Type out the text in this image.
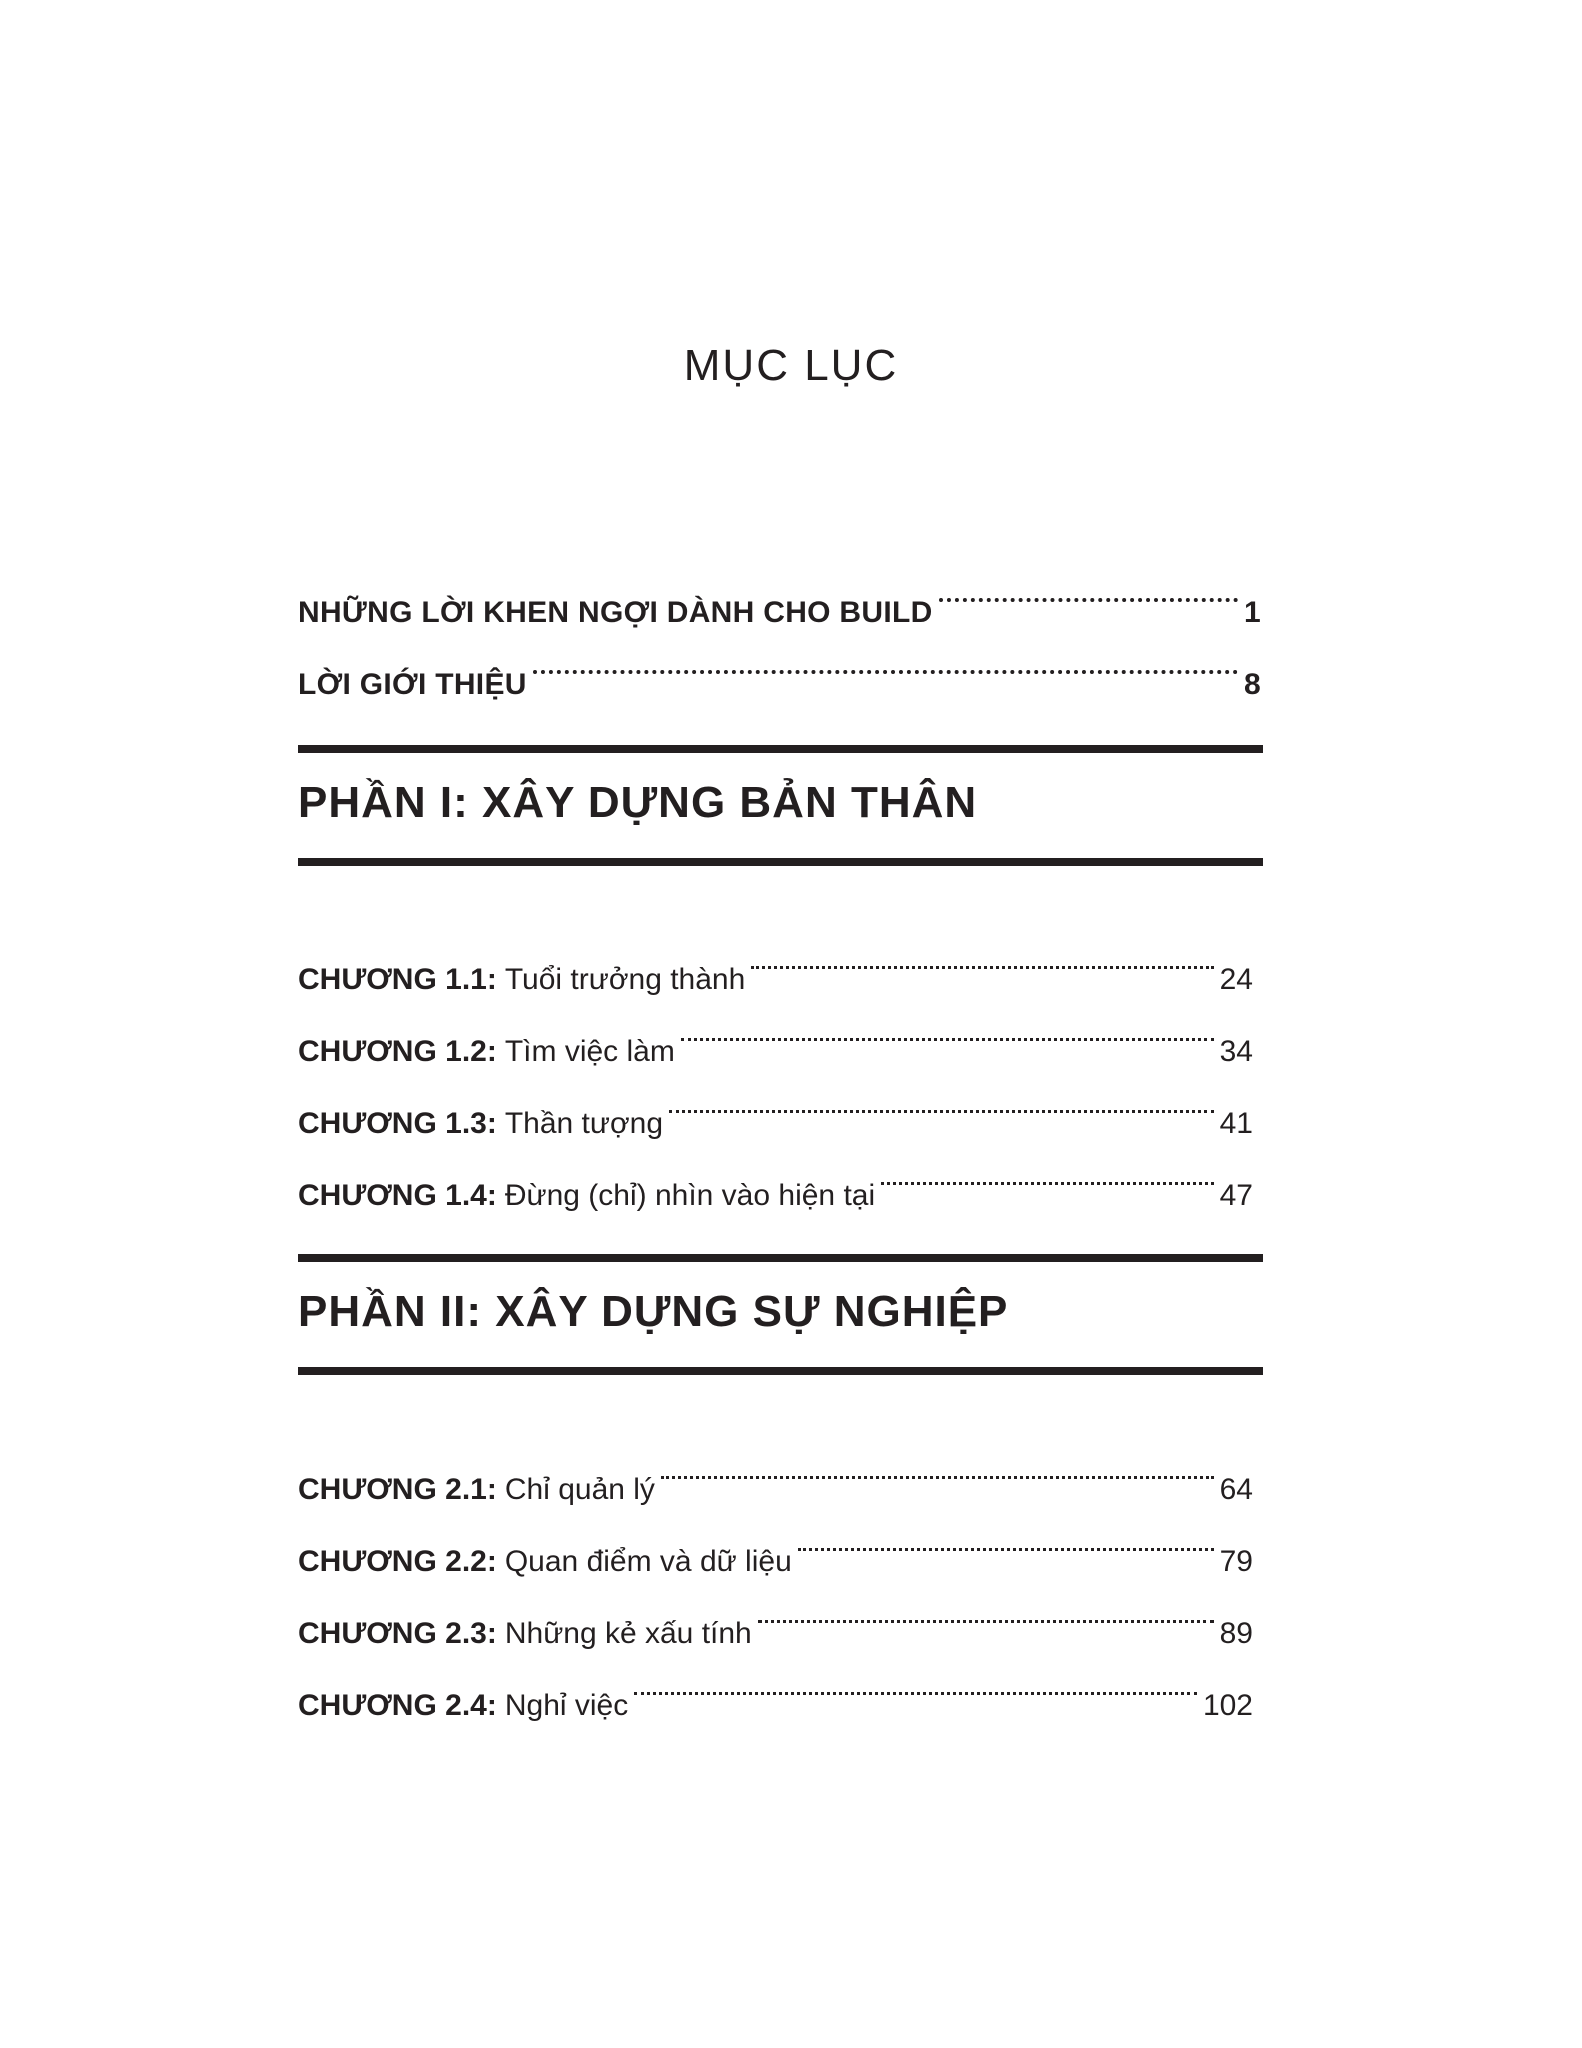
MỤC LỤC
NHỮNG LỜI KHEN NGỢI DÀNH CHO BUILD	1
LỜI GIỚI THIỆU	8
PHẦN I: XÂY DỰNG BẢN THÂN
CHƯƠNG 1.1: Tuổi trưởng thành	24
CHƯƠNG 1.2: Tìm việc làm	34
CHƯƠNG 1.3: Thần tượng	41
CHƯƠNG 1.4: Đừng (chỉ) nhìn vào hiện tại	47
PHẦN II: XÂY DỰNG SỰ NGHIỆP
CHƯƠNG 2.1: Chỉ quản lý	64
CHƯƠNG 2.2: Quan điểm và dữ liệu	79
CHƯƠNG 2.3: Những kẻ xấu tính	89
CHƯƠNG 2.4: Nghỉ việc	102
